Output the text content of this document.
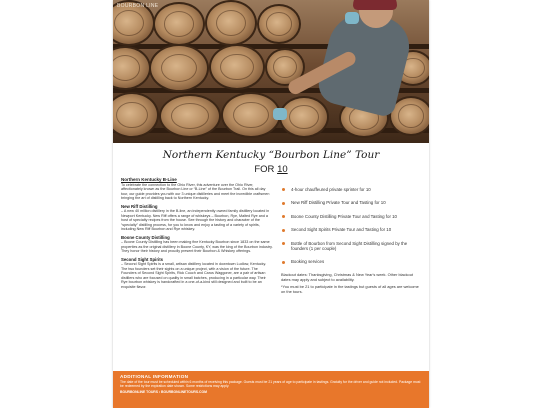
BOURBON LINE
Northern Kentucky “Bourbon Line” Tour
FOR 10
Northern Kentucky B-Line

To celebrate the connection to the Ohio River, this adventure over the Ohio River, affectionately known as the Bourbon Line or “B-Line” of the Bourbon Trail. On this all day tour, our guide provides you with our 3 unique distilleries and meet the incredible craftsmen bringing the art of distilling back to Northern Kentucky.

New Riff Distilling

– A new 40 million distillery in the B-line, an independently owned family distillery located in Newport Kentucky. New Riff offers a range of whiskeys – Bourbon, Rye, Malted Rye and a host of specialty recipes from the house. See through the history and character of the “specialty” distilling process, for you to know and enjoy a tasting of a variety of spirits, including New Riff Bourbon and Rye whiskey.

Boone County Distilling

– Boone County Distilling has been making fine Kentucky Bourbon since 1833 on the same properties as the original distillery in Boone County, KY, was the king of the Bourbon industry. They honor their history and proudly present their Bourbon & Whiskey offerings.

Second Sight Spirits

– Second Sight Spirits is a small, artisan distillery located in downtown Ludlow, Kentucky. The two founders set their sights on a unique project, with a vision of the future. The Founders of Second Sight Spirits, Rick Couch and Carus Waggoner, are a pair of artisan distillers who are focused on quality in small batches, producing in a particular way. Their Rye bourbon whiskey is handcrafted in a one-of-a-kind still designed and built to be an exquisite flavor.

4-hour chauffeured private sprinter for 10
New Riff Distilling Private Tour and Tasting for 10
Boone County Distilling Private Tour and Tasting for 10
Second Sight Spirits Private Tour and Tasting for 10
Bottle of Bourbon from Second Sight Distilling signed by the founders (1 per couple)
Booking services
Blackout dates: Thanksgiving, Christmas & New Year's week. Other blackout dates may apply and subject to availability.
*You must be 21 to participate in the tastings but guests of all ages are welcome on the tours.
ADDITIONAL INFORMATION
The date of the tour must be scheduled within 6 months of receiving this package. Guests must be 21 years of age to participate in tastings. Gratuity for the driver and guide not included. Package must be redeemed by the expiration date shown. Some restrictions may apply.
BOURBONLINE TOURS • BOURBONLINETOURS.COM
